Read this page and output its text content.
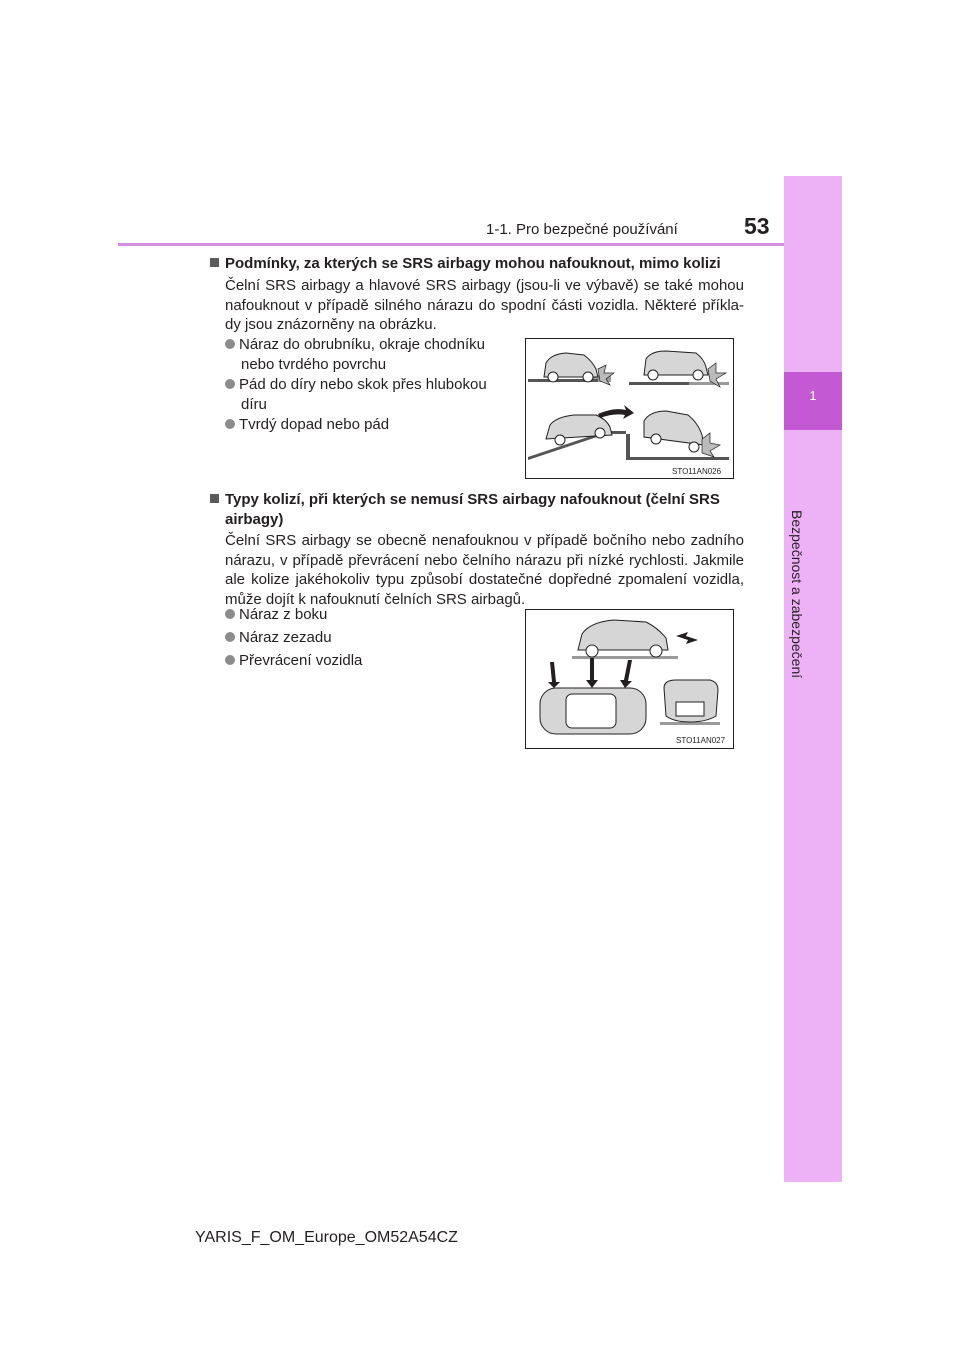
1-1. Pro bezpečné používání	53
1
Bezpečnost a zabezpečení
Podmínky, za kterých se SRS airbagy mohou nafouknout, mimo kolizi
Čelní SRS airbagy a hlavové SRS airbagy (jsou-li ve výbavě) se také mohou nafouknout v případě silného nárazu do spodní části vozidla. Některé příkla-dy jsou znázorněny na obrázku.
Náraz do obrubníku, okraje chodníku
nebo tvrdého povrchu
Pád do díry nebo skok přes hlubokou
díru
Tvrdý dopad nebo pád
STO11AN026
Typy kolizí, při kterých se nemusí SRS airbagy nafouknout (čelní SRS
airbagy)
Čelní SRS airbagy se obecně nenafouknou v případě bočního nebo zadního nárazu, v případě převrácení nebo čelního nárazu při nízké rychlosti. Jakmile ale kolize jakéhokoliv typu způsobí dostatečné dopředné zpomalení vozidla, může dojít k nafouknutí čelních SRS airbagů.
Náraz z boku
Náraz zezadu
Převrácení vozidla
STO11AN027
YARIS_F_OM_Europe_OM52A54CZ
